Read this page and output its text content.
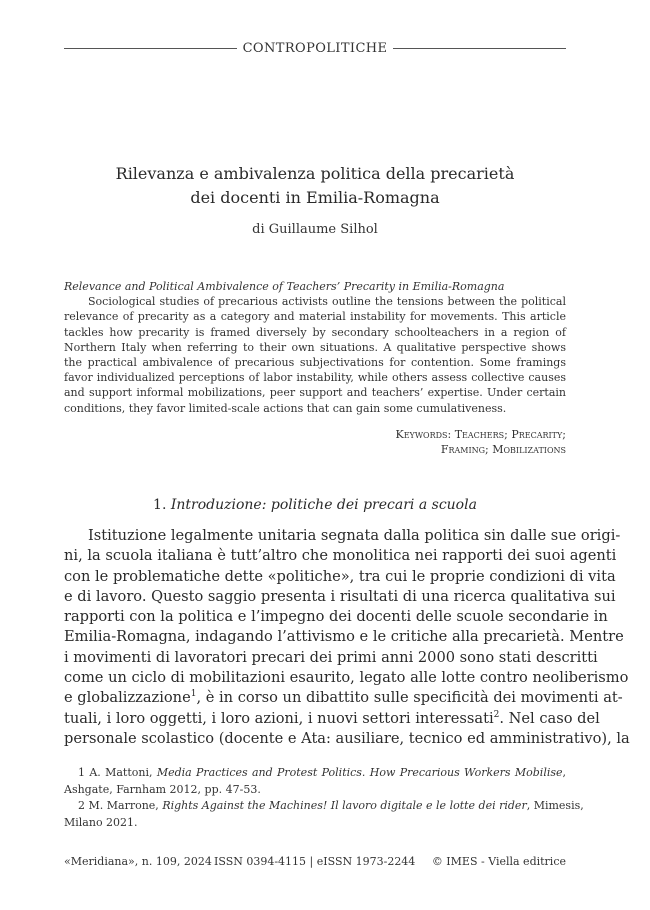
CONTROPOLITICHE
Rilevanza e ambivalenza politica della precarietà
dei docenti in Emilia-Romagna
di Guillaume Silhol
Relevance and Political Ambivalence of Teachers’ Precarity in Emilia-Romagna

Sociological studies of precarious activists outline the tensions between the political relevance of precarity as a category and material instability for movements. This article tackles how precarity is framed diversely by secondary schoolteachers in a region of Northern Italy when referring to their own situations. A qualitative perspective shows the practical ambivalence of precarious subjectivations for contention. Some framings favor individualized perceptions of labor instability, while others assess collective causes and support informal mobilizations, peer support and teachers’ expertise. Under certain conditions, they favor limited-scale actions that can gain some cumulativeness.

Keywords: Teachers; Precarity;
Framing; Mobilizations
1. Introduzione: politiche dei precari a scuola
Istituzione legalmente unitaria segnata dalla politica sin dalle sue origi-
ni, la scuola italiana è tutt’altro che monolitica nei rapporti dei suoi agenti
con le problematiche dette «politiche», tra cui le proprie condizioni di vita
e di lavoro. Questo saggio presenta i risultati di una ricerca qualitativa sui
rapporti con la politica e l’impegno dei docenti delle scuole secondarie in
Emilia-Romagna, indagando l’attivismo e le critiche alla precarietà. Mentre
i movimenti di lavoratori precari dei primi anni 2000 sono stati descritti
come un ciclo di mobilitazioni esaurito, legato alle lotte contro neoliberismo
e globalizzazione$^1$, è in corso un dibattito sulle specificità dei movimenti at-
tuali, i loro oggetti, i loro azioni, i nuovi settori interessati$^2$. Nel caso del
personale scolastico (docente e Ata: ausiliare, tecnico ed amministrativo), la
1 A. Mattoni, Media Practices and Protest Politics. How Precarious Workers Mobilise,
Ashgate, Farnham 2012, pp. 47-53.
2 M. Marrone, Rights Against the Machines! Il lavoro digitale e le lotte dei rider, Mimesis,
Milano 2021.
«Meridiana», n. 109, 2024 ISSN 0394-4115 | eISSN 1973-2244 © IMES - Viella editrice
